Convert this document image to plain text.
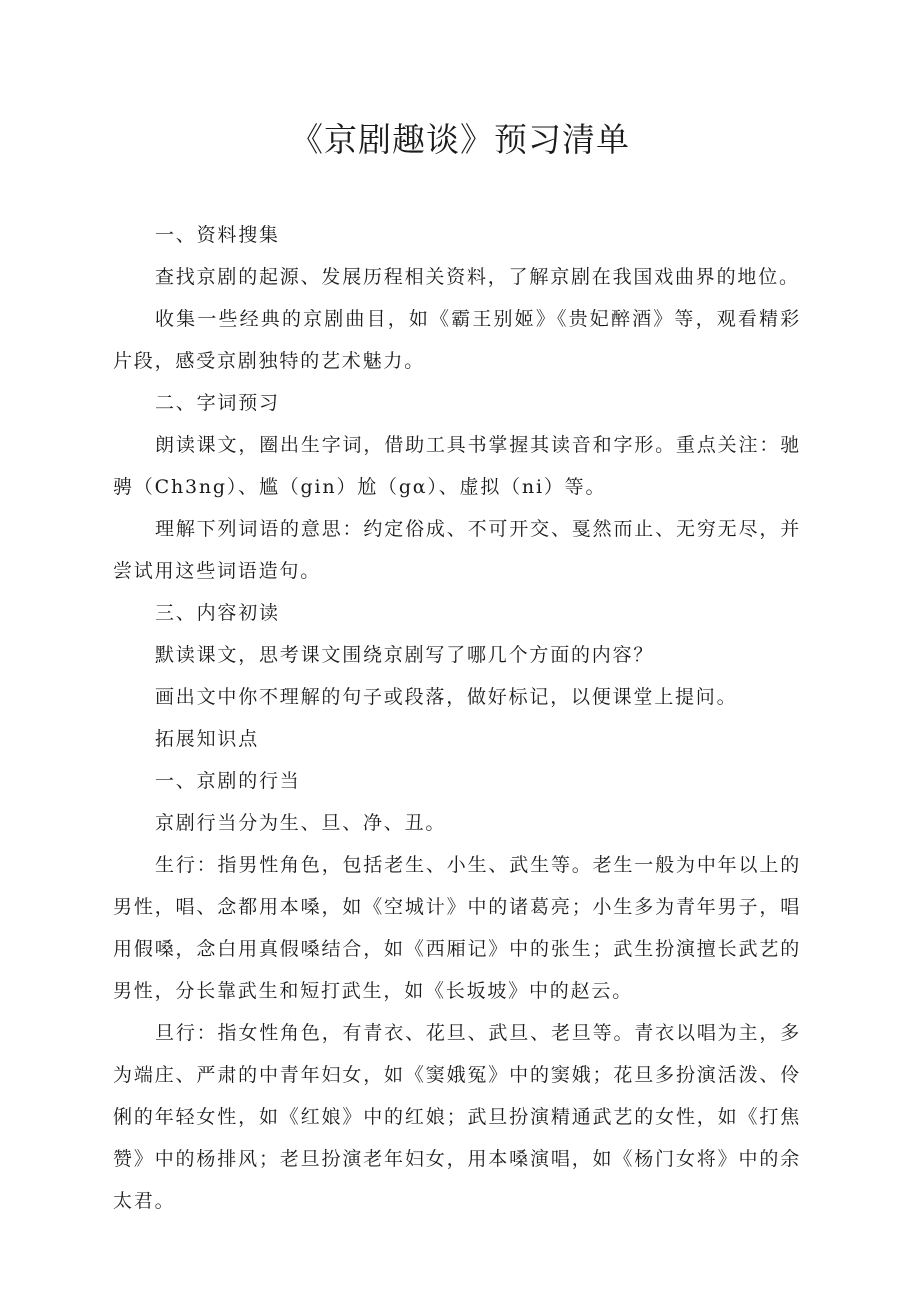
《京剧趣谈》预习清单

一、资料搜集

查找京剧的起源、发展历程相关资料，了解京剧在我国戏曲界的地位。

收集一些经典的京剧曲目，如《霸王别姬》《贵妃醉酒》等，观看精彩片段，感受京剧独特的艺术魅力。

二、字词预习

朗读课文，圈出生字词，借助工具书掌握其读音和字形。重点关注：驰骋（Ch3ng）、尴（gin）尬（gα）、虚拟（ni）等。

理解下列词语的意思：约定俗成、不可开交、戛然而止、无穷无尽，并尝试用这些词语造句。

三、内容初读

默读课文，思考课文围绕京剧写了哪几个方面的内容？

画出文中你不理解的句子或段落，做好标记，以便课堂上提问。

拓展知识点

一、京剧的行当

京剧行当分为生、旦、净、丑。

生行：指男性角色，包括老生、小生、武生等。老生一般为中年以上的男性，唱、念都用本嗓，如《空城计》中的诸葛亮；小生多为青年男子，唱用假嗓，念白用真假嗓结合，如《西厢记》中的张生；武生扮演擅长武艺的男性，分长靠武生和短打武生，如《长坂坡》中的赵云。

旦行：指女性角色，有青衣、花旦、武旦、老旦等。青衣以唱为主，多为端庄、严肃的中青年妇女，如《窦娥冤》中的窦娥；花旦多扮演活泼、伶俐的年轻女性，如《红娘》中的红娘；武旦扮演精通武艺的女性，如《打焦赞》中的杨排风；老旦扮演老年妇女，用本嗓演唱，如《杨门女将》中的余太君。
